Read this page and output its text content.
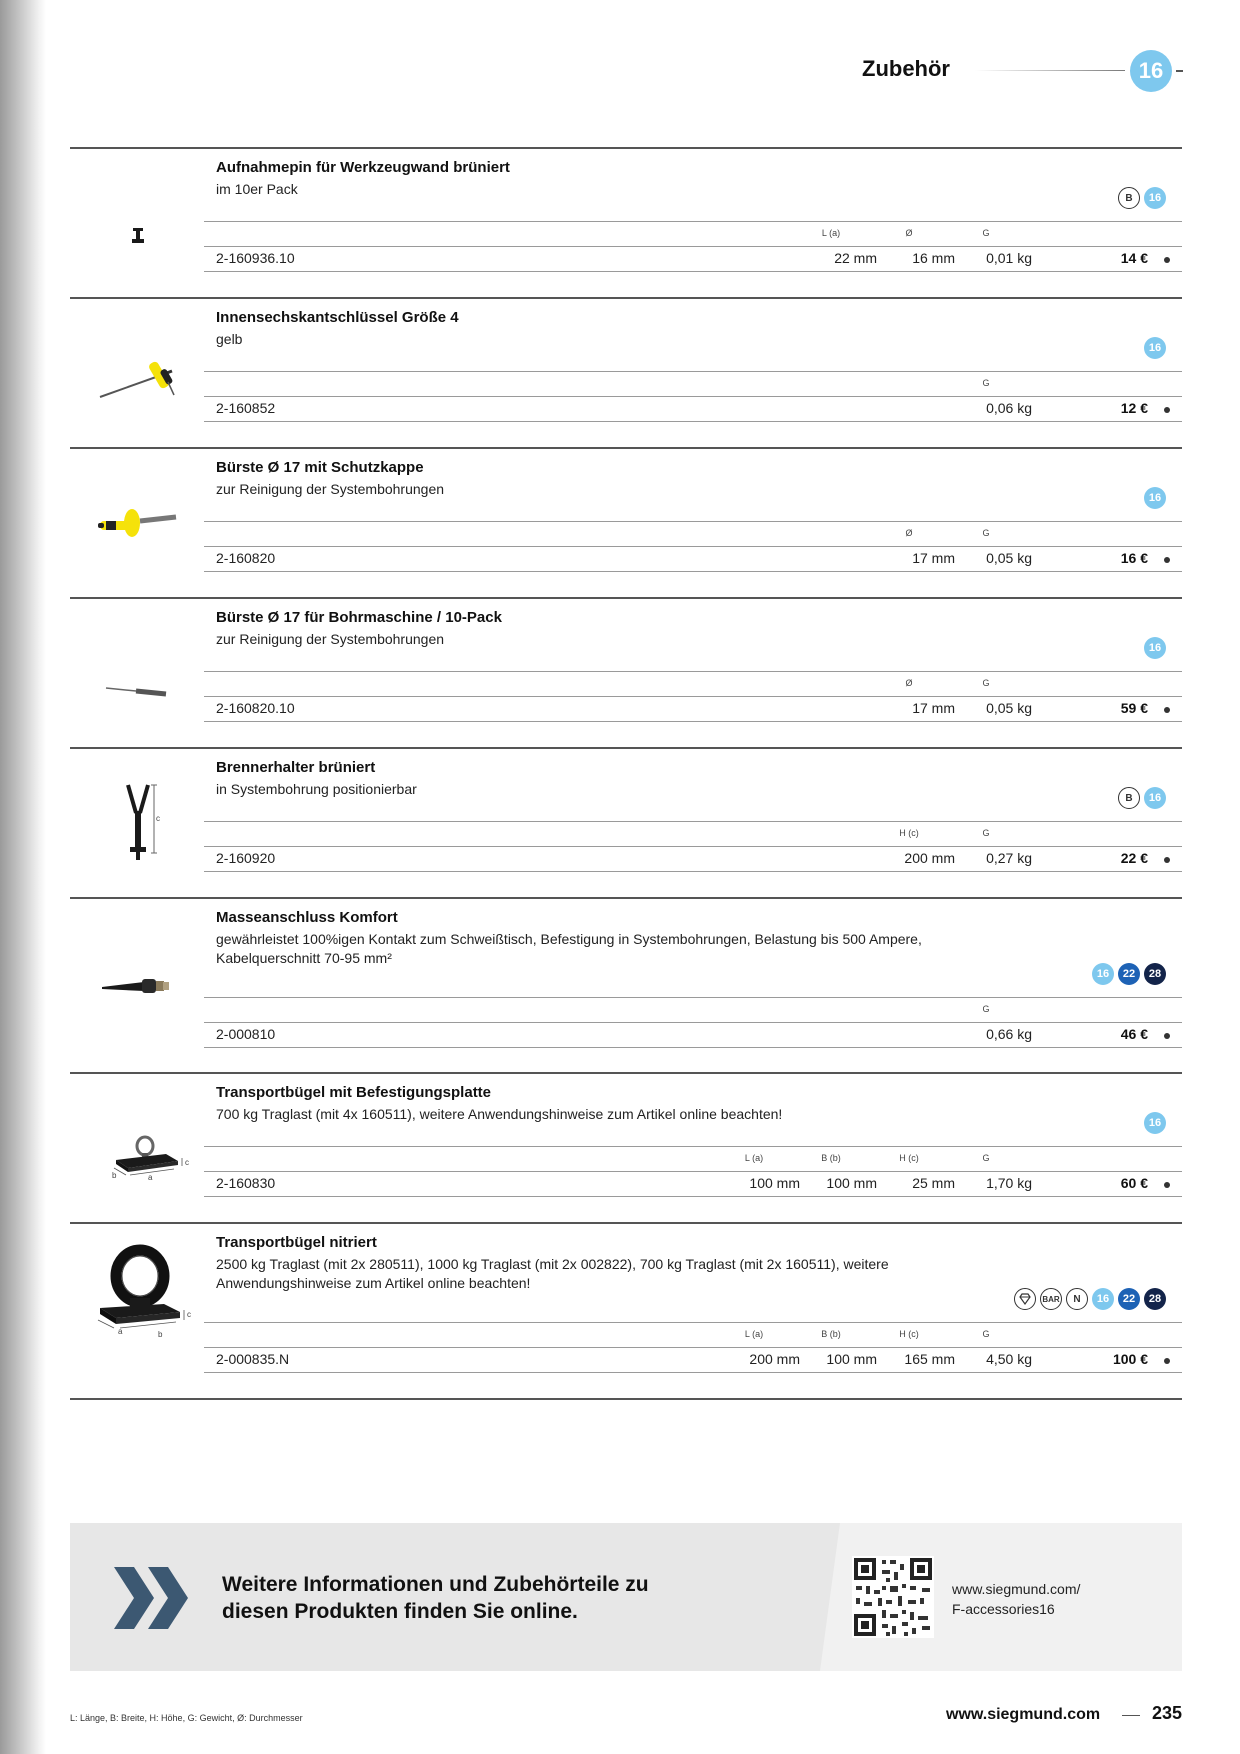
Zubehör	16
Aufnahmepin für Werkzeugwand brüniert
im 10er Pack
B	16
L (a)	Ø	G
2-160936.10	22 mm	16 mm	0,01 kg	14 €
Innensechskantschlüssel Größe 4
gelb
16
G
2-160852	0,06 kg	12 €
Bürste Ø 17 mit Schutzkappe
zur Reinigung der Systembohrungen
16
Ø	G
2-160820	17 mm	0,05 kg	16 €
Bürste Ø 17 für Bohrmaschine / 10-Pack
zur Reinigung der Systembohrungen
16
Ø	G
2-160820.10	17 mm	0,05 kg	59 €
c
Brennerhalter brüniert
in Systembohrung positionierbar
B	16
H (c)	G
2-160920	200 mm	0,27 kg	22 €
Masseanschluss Komfort
gewährleistet 100%igen Kontakt zum Schweißtisch, Befestigung in Systembohrungen, Belastung bis 500 Ampere, Kabelquerschnitt 70-95 mm²
16	22	28
G
2-000810	0,66 kg	46 €
b	a
c
Transportbügel mit Befestigungsplatte
700 kg Traglast (mit 4x 160511), weitere Anwendungshinweise zum Artikel online beachten!
16
L (a)	B (b)	H (c)	G
2-160830	100 mm	100 mm	25 mm	1,70 kg	60 €
a	b
c
Transportbügel nitriert
2500 kg Traglast (mit 2x 280511), 1000 kg Traglast (mit 2x 002822), 700 kg Traglast (mit 2x 160511), weitere Anwendungshinweise zum Artikel online beachten!
BAR	N	16	22	28
L (a)	B (b)	H (c)	G
2-000835.N	200 mm	100 mm	165 mm	4,50 kg	100 €
Weitere Informationen und Zubehörteile zu
diesen Produkten finden Sie online.
www.siegmund.com/
F-accessories16
L: Länge, B: Breite, H: Höhe, G: Gewicht, Ø: Durchmesser	www.siegmund.com	235
